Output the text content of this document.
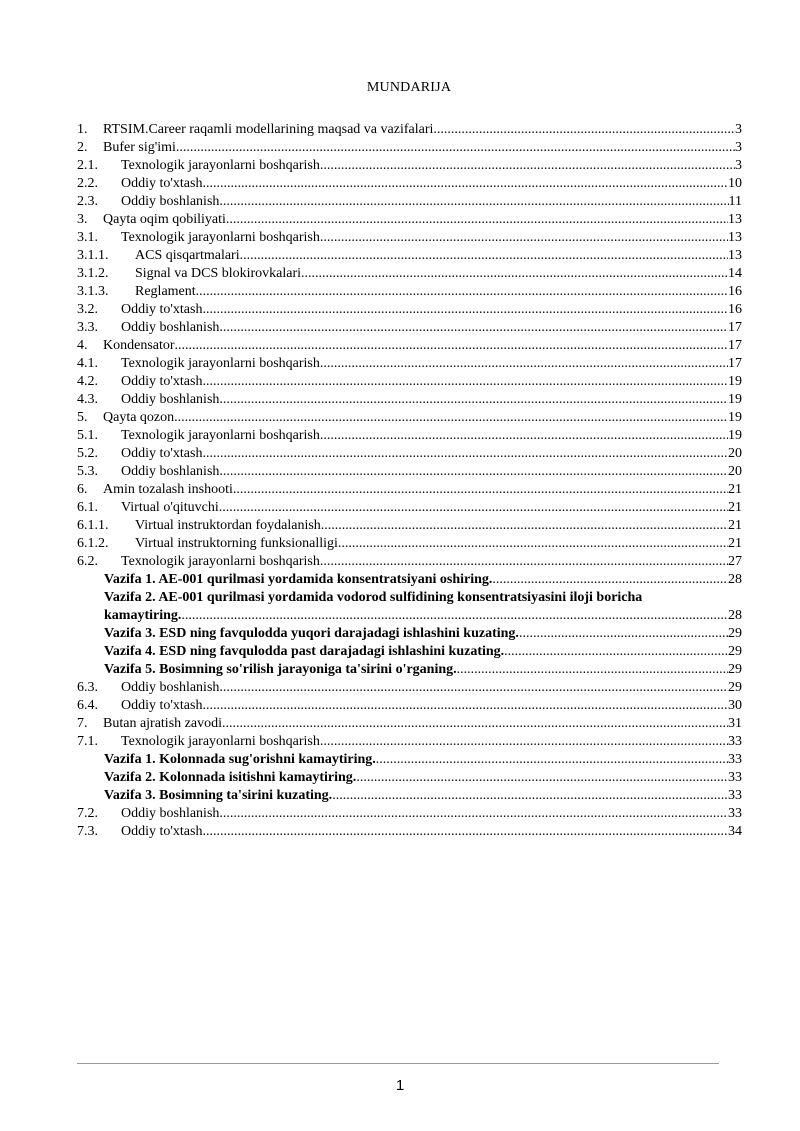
MUNDARIJA
1.	RTSIM.Career raqamli modellarining maqsad va vazifalari .....	3
2.	Bufer sig'imi .....	3
2.1.	Texnologik jarayonlarni boshqarish .....	3
2.2.	Oddiy to'xtash .....	10
2.3.	Oddiy boshlanish .....	11
3.	Qayta oqim qobiliyati .....	13
3.1.	Texnologik jarayonlarni boshqarish .....	13
3.1.1.	ACS qisqartmalari .....	13
3.1.2.	Signal va DCS blokirovkalari .....	14
3.1.3.	Reglament .....	16
3.2.	Oddiy to'xtash .....	16
3.3.	Oddiy boshlanish .....	17
4.	Kondensator .....	17
4.1.	Texnologik jarayonlarni boshqarish .....	17
4.2.	Oddiy to'xtash .....	19
4.3.	Oddiy boshlanish .....	19
5.	Qayta qozon .....	19
5.1.	Texnologik jarayonlarni boshqarish .....	19
5.2.	Oddiy to'xtash .....	20
5.3.	Oddiy boshlanish .....	20
6.	Amin tozalash inshooti .....	21
6.1.	Virtual o'qituvchi .....	21
6.1.1.	Virtual instruktordan foydalanish .....	21
6.1.2.	Virtual instruktorning funksionalligi .....	21
6.2.	Texnologik jarayonlarni boshqarish .....	27
Vazifa 1. AE-001 qurilmasi yordamida konsentratsiyani oshiring. .....	28
Vazifa 2. AE-001 qurilmasi yordamida vodorod sulfidining konsentratsiyasini iloji boricha
kamaytiring. .....	28
Vazifa 3. ESD ning favqulodda yuqori darajadagi ishlashini kuzating. .....	29
Vazifa 4. ESD ning favqulodda past darajadagi ishlashini kuzating. .....	29
Vazifa 5. Bosimning so'rilish jarayoniga ta'sirini o'rganing. .....	29
6.3.	Oddiy boshlanish .....	29
6.4.	Oddiy to'xtash .....	30
7.	Butan ajratish zavodi .....	31
7.1.	Texnologik jarayonlarni boshqarish .....	33
Vazifa 1. Kolonnada sug'orishni kamaytiring. .....	33
Vazifa 2. Kolonnada isitishni kamaytiring. .....	33
Vazifa 3. Bosimning ta'sirini kuzating. .....	33
7.2.	Oddiy boshlanish .....	33
7.3.	Oddiy to'xtash .....	34
1
